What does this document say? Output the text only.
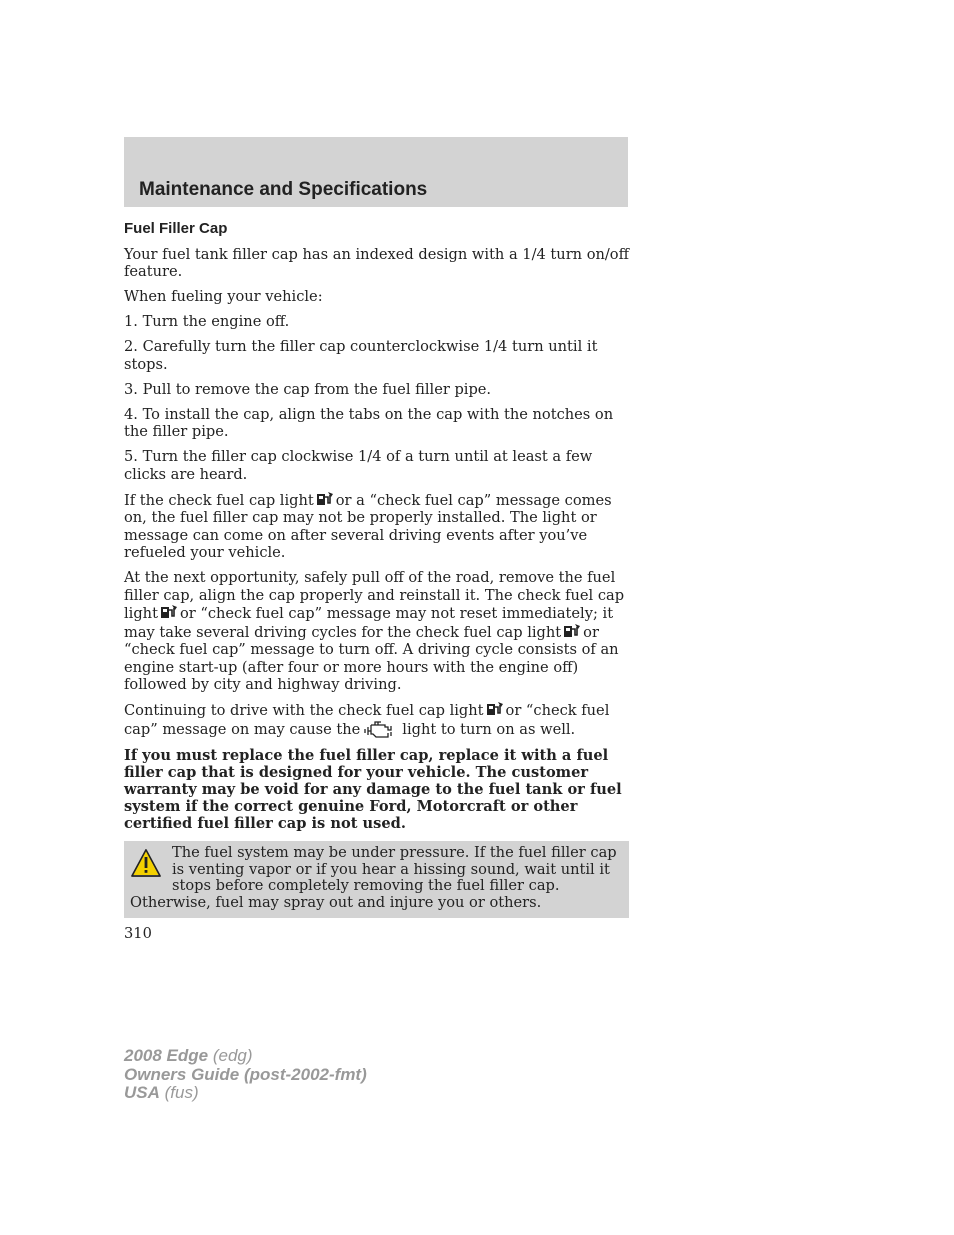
Maintenance and Specifications
Fuel Filler Cap

Your fuel tank filler cap has an indexed design with a 1/4 turn on/off feature.

When fueling your vehicle:

1. Turn the engine off.

2. Carefully turn the filler cap counterclockwise 1/4 turn until it stops.

3. Pull to remove the cap from the fuel filler pipe.

4. To install the cap, align the tabs on the cap with the notches on the filler pipe.

5. Turn the filler cap clockwise 1/4 of a turn until at least a few clicks are heard.

If the check fuel cap light or a “check fuel cap” message comes on, the fuel filler cap may not be properly installed. The light or message can come on after several driving events after you’ve refueled your vehicle.

At the next opportunity, safely pull off of the road, remove the fuel filler cap, align the cap properly and reinstall it. The check fuel cap light or “check fuel cap” message may not reset immediately; it may take several driving cycles for the check fuel cap light or “check fuel cap” message to turn off. A driving cycle consists of an engine start-up (after four or more hours with the engine off) followed by city and highway driving.

Continuing to drive with the check fuel cap light or “check fuel cap” message on may cause the	light to turn on as well.

If you must replace the fuel filler cap, replace it with a fuel filler cap that is designed for your vehicle. The customer warranty may be void for any damage to the fuel tank or fuel system if the correct genuine Ford, Motorcraft or other certified fuel filler cap is not used.

The fuel system may be under pressure. If the fuel filler cap is venting vapor or if you hear a hissing sound, wait until it stops before completely removing the fuel filler cap. Otherwise, fuel may spray out and injure you or others.
310
2008 Edge (edg)
Owners Guide (post-2002-fmt)
USA (fus)
